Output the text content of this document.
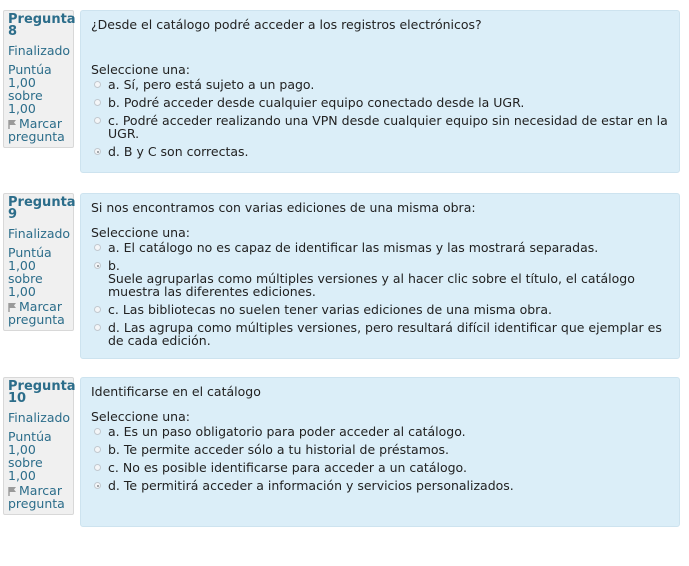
Pregunta
8
Finalizado
Puntúa 1,00 sobre 1,00
Marcar pregunta
¿Desde el catálogo podré acceder a los registros electrónicos?
Seleccione una:
a. Sí, pero está sujeto a un pago.
b. Podré acceder desde cualquier equipo conectado desde la UGR.
c. Podré acceder realizando una VPN desde cualquier equipo sin necesidad de estar en la UGR.
d. B y C son correctas.
Pregunta
9
Finalizado
Puntúa 1,00 sobre 1,00
Marcar pregunta
Si nos encontramos con varias ediciones de una misma obra:
Seleccione una:
a. El catálogo no es capaz de identificar las mismas y las mostrará separadas.
b.
Suele agruparlas como múltiples versiones y al hacer clic sobre el título, el catálogo muestra las diferentes ediciones.
c. Las bibliotecas no suelen tener varias ediciones de una misma obra.
d. Las agrupa como múltiples versiones, pero resultará difícil identificar que ejemplar es de cada edición.
Pregunta
10
Finalizado
Puntúa 1,00 sobre 1,00
Marcar pregunta
Identificarse en el catálogo
Seleccione una:
a. Es un paso obligatorio para poder acceder al catálogo.
b. Te permite acceder sólo a tu historial de préstamos.
c. No es posible identificarse para acceder a un catálogo.
d. Te permitirá acceder a información y servicios personalizados.
